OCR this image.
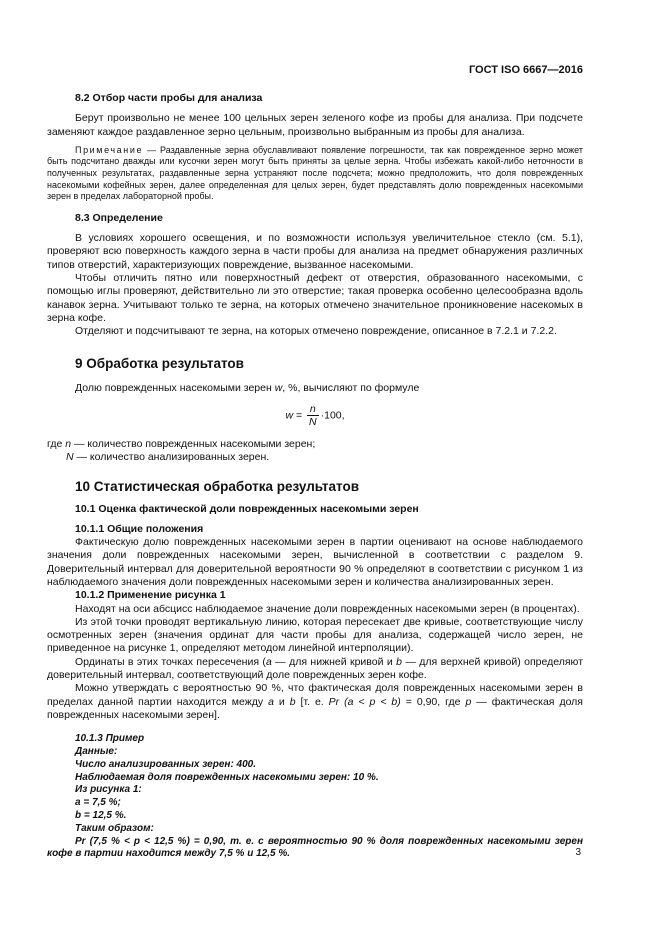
ГОСТ ISO 6667—2016

8.2 Отбор части пробы для анализа

Берут произвольно не менее 100 цельных зерен зеленого кофе из пробы для анализа. При подсчете заменяют каждое раздавленное зерно цельным, произвольно выбранным из пробы для анализа.

Примечание — Раздавленные зерна обуславливают появление погрешности, так как поврежденное зерно может быть подсчитано дважды или кусочки зерен могут быть приняты за целые зерна. Чтобы избежать какой-либо неточности в полученных результатах, раздавленные зерна устраняют после подсчета; можно предположить, что доля поврежденных насекомыми кофейных зерен, далее определенная для целых зерен, будет представлять долю поврежденных насекомыми зерен в пределах лабораторной пробы.

8.3 Определение

В условиях хорошего освещения, и по возможности используя увеличительное стекло (см. 5.1), проверяют всю поверхность каждого зерна в части пробы для анализа на предмет обнаружения различных типов отверстий, характеризующих повреждение, вызванное насекомыми.

Чтобы отличить пятно или поверхностный дефект от отверстия, образованного насекомыми, с помощью иглы проверяют, действительно ли это отверстие; такая проверка особенно целесообразна вдоль канавок зерна. Учитывают только те зерна, на которых отмечено значительное проникновение насекомых в зерна кофе.

Отделяют и подсчитывают те зерна, на которых отмечено повреждение, описанное в 7.2.1 и 7.2.2.

9 Обработка результатов

Долю поврежденных насекомыми зерен w, %, вычисляют по формуле

$w = \frac{n}{N} \cdot 100$,

где n — количество поврежденных насекомыми зерен;

N — количество анализированных зерен.

10 Статистическая обработка результатов

10.1 Оценка фактической доли поврежденных насекомыми зерен

10.1.1 Общие положения

Фактическую долю поврежденных насекомыми зерен в партии оценивают на основе наблюдаемого значения доли поврежденных насекомыми зерен, вычисленной в соответствии с разделом 9. Доверительный интервал для доверительной вероятности 90 % определяют в соответствии с рисунком 1 из наблюдаемого значения доли поврежденных насекомыми зерен и количества анализированных зерен.

10.1.2 Применение рисунка 1

Находят на оси абсцисс наблюдаемое значение доли поврежденных насекомыми зерен (в процентах).

Из этой точки проводят вертикальную линию, которая пересекает две кривые, соответствующие числу осмотренных зерен (значения ординат для части пробы для анализа, содержащей число зерен, не приведенное на рисунке 1, определяют методом линейной интерполяции).

Ординаты в этих точках пересечения (a — для нижней кривой и b — для верхней кривой) определяют доверительный интервал, соответствующий доле поврежденных зерен кофе.

Можно утверждать с вероятностью 90 %, что фактическая доля поврежденных насекомыми зерен в пределах данной партии находится между a и b [т. е. Pr (a < p < b) = 0,90, где p — фактическая доля поврежденных насекомыми зерен].

10.1.3 Пример

Данные:

Число анализированных зерен: 400.

Наблюдаемая доля поврежденных насекомыми зерен: 10 %.

Из рисунка 1:

a = 7,5 %;

b = 12,5 %.

Таким образом:

Pr (7,5 % < p < 12,5 %) = 0,90, т. е. с вероятностью 90 % доля поврежденных насекомыми зерен кофе в партии находится между 7,5 % и 12,5 %.	3
